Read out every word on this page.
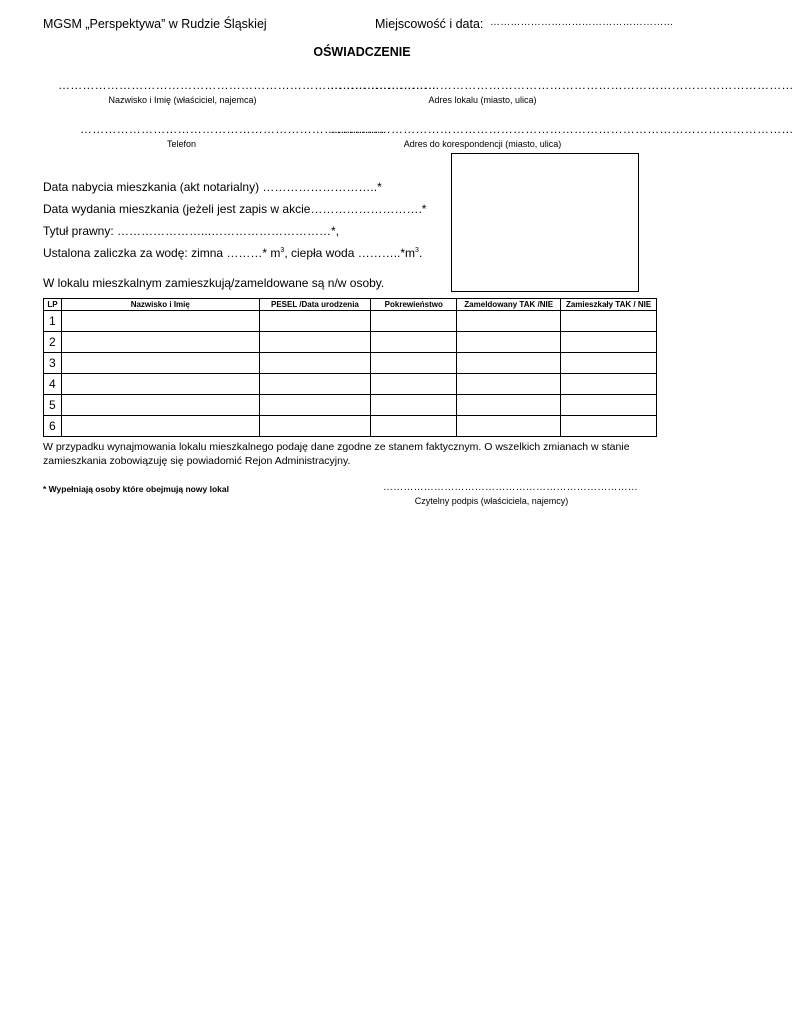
MGSM „Perspektywa” w Rudzie Śląskiej	Miejscowość i data: ………………………………………………
OŚWIADCZENIE
…………………………………………………………………………………
Nazwisko i Imię (właściciel, najemca)
……………………………………………………………………………………………………
Adres lokalu (miasto, ulica)
…………………………………………………………………
Telefon
……………………………………………………………………………………………………
Adres do korespondencji (miasto, ulica)
Data nabycia mieszkania (akt notarialny) ………………………..*
Data wydania mieszkania (jeżeli jest zapis w akcie……………………….*
Tytuł prawny: …………………...…………………………*,
Ustalona zaliczka za wodę: zimna ………* $m^3$, ciepła woda $\dots\dots\dots..*m^3$.
W lokalu mieszkalnym zamieszkują/zameldowane są n/w osoby.
LP	Nazwisko i Imię	PESEL /Data urodzenia	Pokrewieństwo	Zameldowany TAK /NIE	Zamieszkały TAK / NIE
1					
2					
3					
4					
5					
6					
W przypadku wynajmowania lokalu mieszkalnego podaję dane zgodne ze stanem faktycznym. O wszelkich zmianach w stanie zamieszkania zobowiązuję się powiadomić Rejon Administracyjny.
* Wypełniają osoby które obejmują nowy lokal	…………………………………………………………………
Czytelny podpis (właściciela, najemcy)
